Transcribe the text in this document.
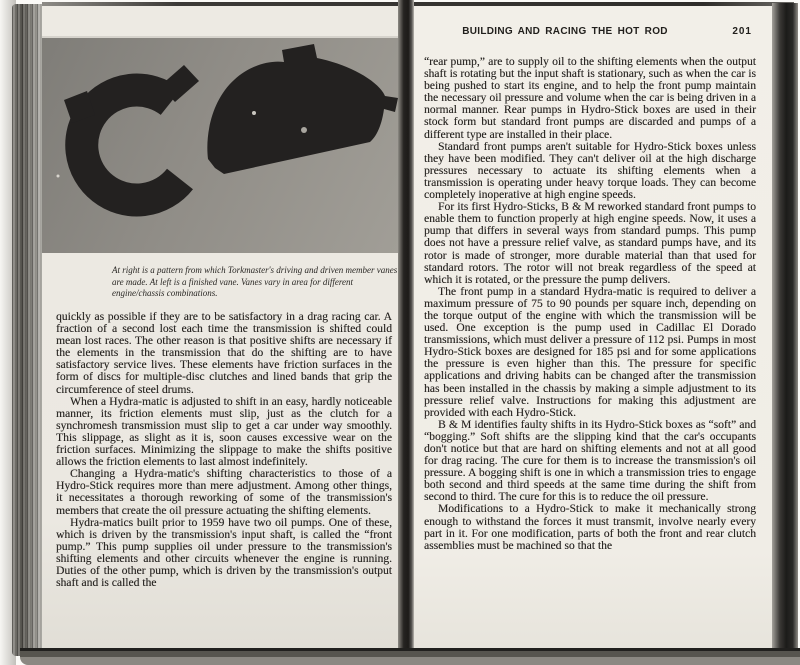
At right is a pattern from which Torkmaster's driving and driven member vanes are made. At left is a finished vane. Vanes vary in area for different engine/chassis combinations.

quickly as possible if they are to be satisfactory in a drag racing car. A fraction of a second lost each time the transmission is shifted could mean lost races. The other reason is that positive shifts are necessary if the elements in the transmission that do the shifting are to have satisfactory service lives. These elements have friction surfaces in the form of discs for multiple-disc clutches and lined bands that grip the circumference of steel drums.

When a Hydra-matic is adjusted to shift in an easy, hardly noticeable manner, its friction elements must slip, just as the clutch for a synchromesh transmission must slip to get a car under way smoothly. This slippage, as slight as it is, soon causes excessive wear on the friction surfaces. Minimizing the slippage to make the shifts positive allows the friction elements to last almost indefinitely.

Changing a Hydra-matic's shifting characteristics to those of a Hydro-Stick requires more than mere adjustment. Among other things, it necessitates a thorough reworking of some of the transmission's members that create the oil pressure actuating the shifting elements.

Hydra-matics built prior to 1959 have two oil pumps. One of these, which is driven by the transmission's input shaft, is called the “front pump.” This pump supplies oil under pressure to the transmission's shifting elements and other circuits whenever the engine is running. Duties of the other pump, which is driven by the transmission's output shaft and is called the

BUILDING AND RACING THE HOT ROD	201

“rear pump,” are to supply oil to the shifting elements when the output shaft is rotating but the input shaft is stationary, such as when the car is being pushed to start its engine, and to help the front pump maintain the necessary oil pressure and volume when the car is being driven in a normal manner. Rear pumps in Hydro-Stick boxes are used in their stock form but standard front pumps are discarded and pumps of a different type are installed in their place.

Standard front pumps aren't suitable for Hydro-Stick boxes unless they have been modified. They can't deliver oil at the high discharge pressures necessary to actuate its shifting elements when a transmission is operating under heavy torque loads. They can become completely inoperative at high engine speeds.

For its first Hydro-Sticks, B & M reworked standard front pumps to enable them to function properly at high engine speeds. Now, it uses a pump that differs in several ways from standard pumps. This pump does not have a pressure relief valve, as standard pumps have, and its rotor is made of stronger, more durable material than that used for standard rotors. The rotor will not break regardless of the speed at which it is rotated, or the pressure the pump delivers.

The front pump in a standard Hydra-matic is required to deliver a maximum pressure of 75 to 90 pounds per square inch, depending on the torque output of the engine with which the transmission will be used. One exception is the pump used in Cadillac El Dorado transmissions, which must deliver a pressure of 112 psi. Pumps in most Hydro-Stick boxes are designed for 185 psi and for some applications the pressure is even higher than this. The pressure for specific applications and driving habits can be changed after the transmission has been installed in the chassis by making a simple adjustment to its pressure relief valve. Instructions for making this adjustment are provided with each Hydro-Stick.

B & M identifies faulty shifts in its Hydro-Stick boxes as “soft” and “bogging.” Soft shifts are the slipping kind that the car's occupants don't notice but that are hard on shifting elements and not at all good for drag racing. The cure for them is to increase the transmission's oil pressure. A bogging shift is one in which a transmission tries to engage both second and third speeds at the same time during the shift from second to third. The cure for this is to reduce the oil pressure.

Modifications to a Hydro-Stick to make it mechanically strong enough to withstand the forces it must transmit, involve nearly every part in it. For one modification, parts of both the front and rear clutch assemblies must be machined so that the
